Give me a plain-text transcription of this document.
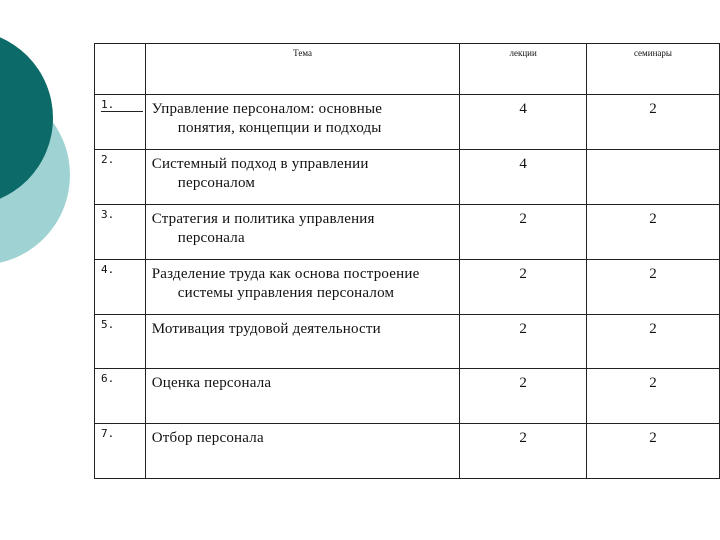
	Тема	лекции	семинары

1.	Управление персоналом: основные
понятия, концепции и подходы	4	2
2.	Системный подход в управлении
персоналом	4	
3.	Стратегия и политика управления
персонала	2	2
4.	Разделение труда как основа построение
системы управления персоналом	2	2
5.	Мотивация трудовой деятельности	2	2
6.	Оценка персонала	2	2
7.	Отбор персонала	2	2
